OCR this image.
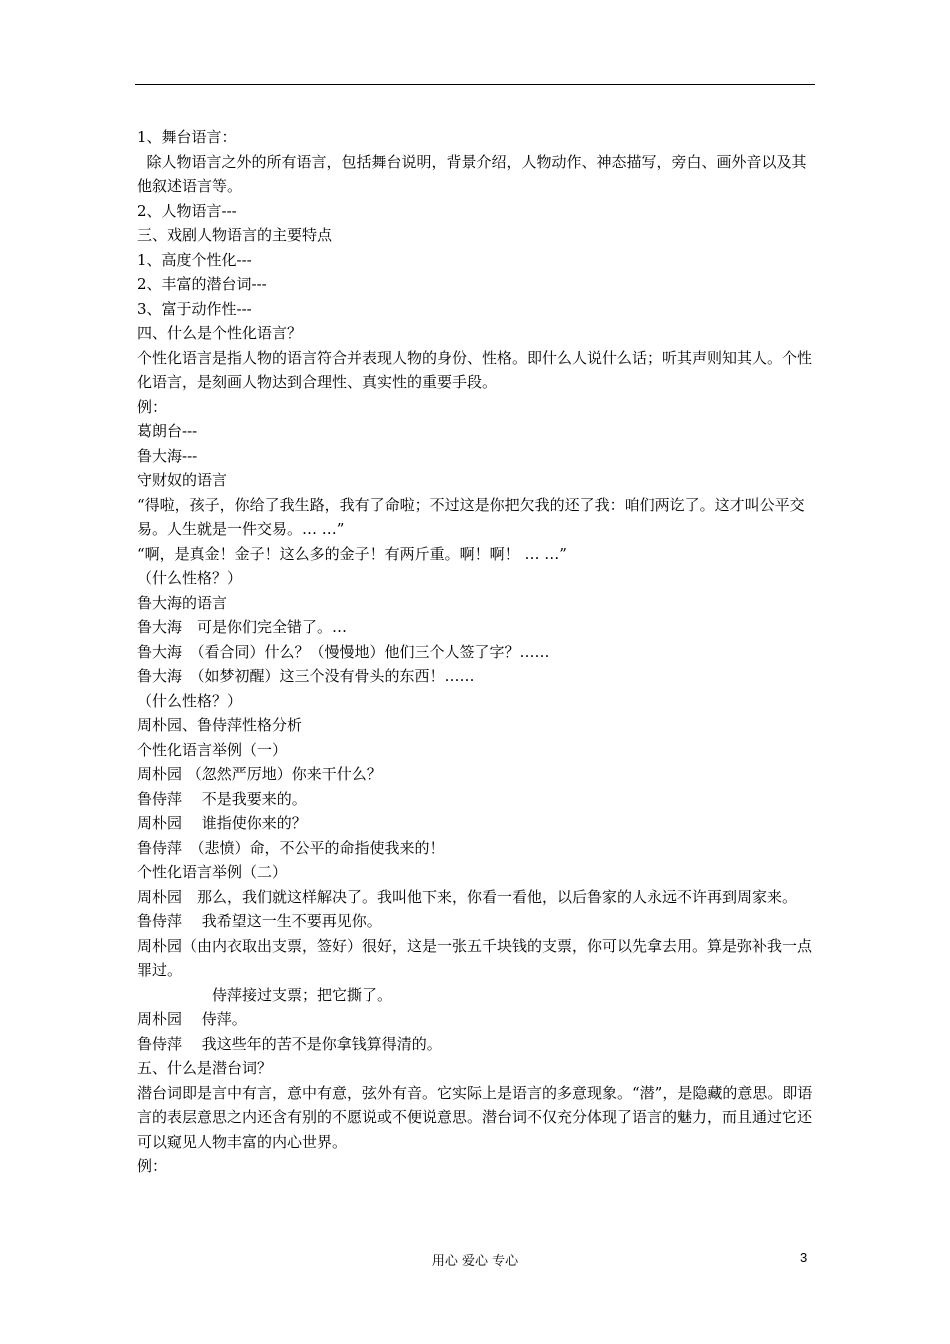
1、舞台语言：
除人物语言之外的所有语言，包括舞台说明，背景介绍，人物动作、神态描写，旁白、画外音以及其他叙述语言等。
2、人物语言---
三、戏剧人物语言的主要特点
1、高度个性化---
2、丰富的潜台词---
3、富于动作性---
四、什么是个性化语言？
个性化语言是指人物的语言符合并表现人物的身份、性格。即什么人说什么话；听其声则知其人。个性化语言，是刻画人物达到合理性、真实性的重要手段。
例：
葛朗台---
鲁大海---
守财奴的语言
“得啦，孩子，你给了我生路，我有了命啦；不过这是你把欠我的还了我：咱们两讫了。这才叫公平交易。人生就是一件交易。… …”
“啊，是真金！金子！这么多的金子！有两斤重。啊！啊！ … …”
（什么性格？）
鲁大海的语言
鲁大海　可是你们完全错了。…
鲁大海　（看合同）什么？（慢慢地）他们三个人签了字？……
鲁大海　（如梦初醒）这三个没有骨头的东西！……
（什么性格？）
周朴园、鲁侍萍性格分析
个性化语言举例（一）
周朴园 （忽然严厉地）你来干什么？
鲁侍萍　 不是我要来的。
周朴园　 谁指使你来的？
鲁侍萍　（悲愤）命，不公平的命指使我来的！
个性化语言举例（二）
周朴园　那么，我们就这样解决了。我叫他下来，你看一看他，以后鲁家的人永远不许再到周家来。
鲁侍萍　 我希望这一生不要再见你。
周朴园（由内衣取出支票，签好）很好，这是一张五千块钱的支票，你可以先拿去用。算是弥补我一点罪过。
　　　　　侍萍接过支票；把它撕了。
周朴园　 侍萍。
鲁侍萍　 我这些年的苦不是你拿钱算得清的。
五、什么是潜台词？
潜台词即是言中有言，意中有意，弦外有音。它实际上是语言的多意现象。“潜”，是隐藏的意思。即语言的表层意思之内还含有别的不愿说或不便说意思。潜台词不仅充分体现了语言的魅力，而且通过它还可以窥见人物丰富的内心世界。
例：
用心 爱心 专心	3
